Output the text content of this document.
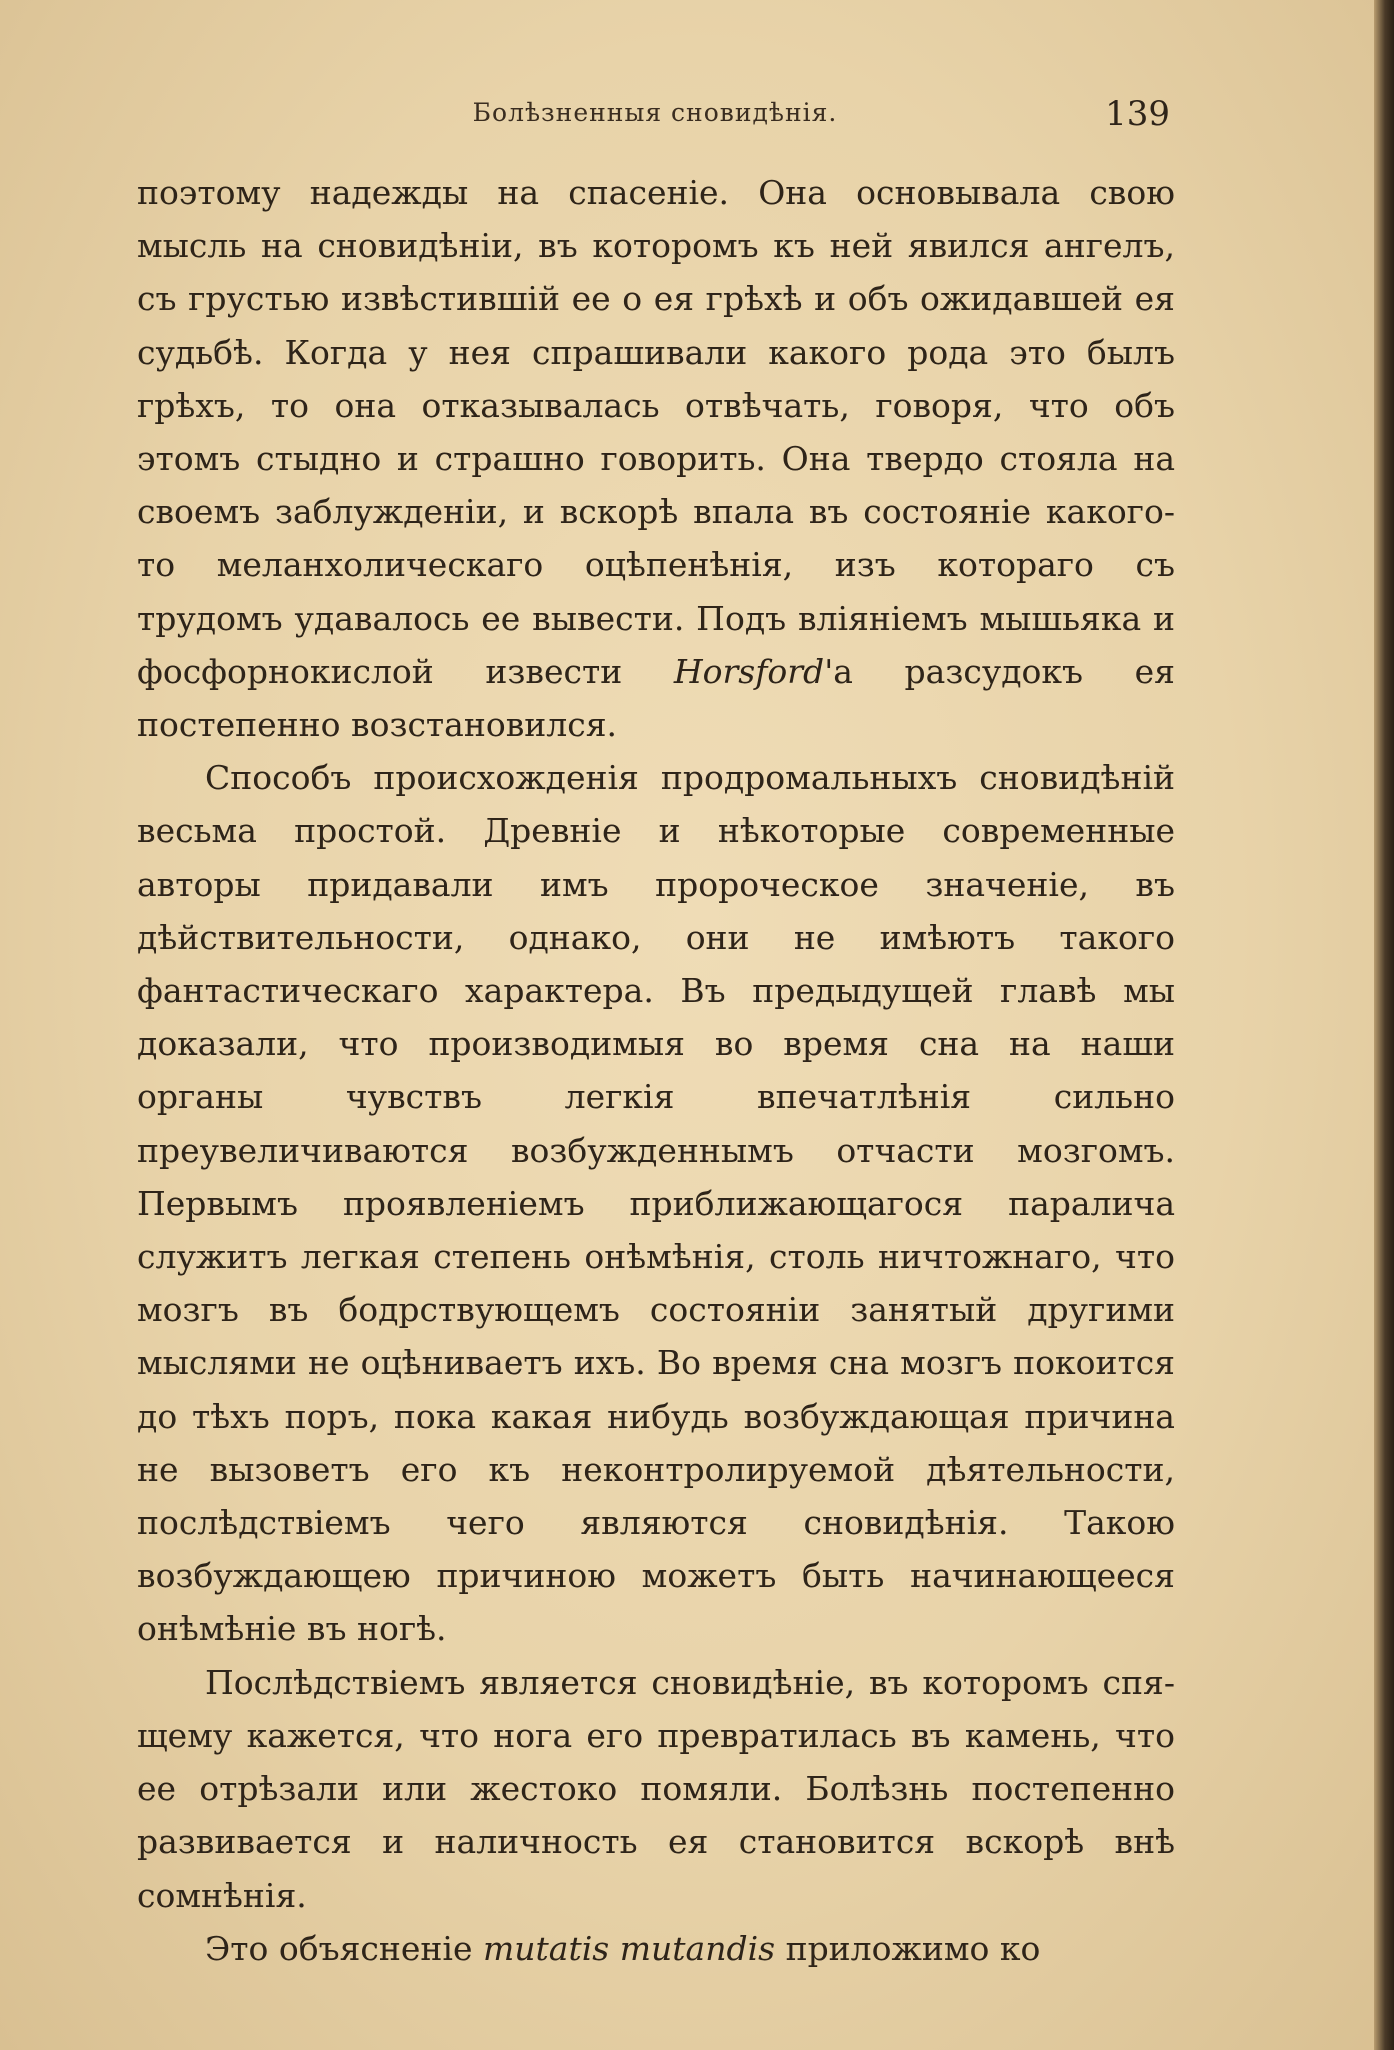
Болѣзненныя сновидѣнія.	139

поэтому надежды на спасеніе. Она основывала свою мысль на сновидѣніи, въ которомъ къ ней явился ангелъ, съ грустью извѣстившій ее о ея грѣхѣ и объ ожидавшей ея судьбѣ. Когда у нея спрашивали какого рода это былъ грѣхъ, то она отказывалась отвѣчать, говоря, что объ этомъ стыдно и страшно говорить. Она твердо стояла на своемъ заблужденіи, и вскорѣ впала въ состояніе какого-то меланхолическаго оцѣпенѣнія, изъ котораго съ трудомъ удавалось ее вывести. Подъ вліяніемъ мышьяка и фосфорнокислой извести Horsford'а разсудокъ ея постепенно возстановился.

Способъ происхожденія продромальныхъ сновидѣній весьма простой. Древніе и нѣкоторые современные авторы придавали имъ пророческое значеніе, въ дѣйствительности, однако, они не имѣютъ такого фантастическаго характера. Въ предыдущей главѣ мы доказали, что производимыя во время сна на наши органы чувствъ легкія впечатлѣнія сильно преувеличиваются возбужденнымъ отчасти мозгомъ. Первымъ проявленіемъ приближающагося паралича служитъ легкая степень онѣмѣнія, столь ничтожнаго, что мозгъ въ бодрствующемъ состояніи занятый другими мыслями не оцѣниваетъ ихъ. Во время сна мозгъ покоится до тѣхъ поръ, пока какая нибудь возбуждающая причина не вызоветъ его къ неконтролируемой дѣятельности, послѣдствіемъ чего являются сновидѣнія. Такою возбуждающею причиною можетъ быть начинающееся онѣмѣніе въ ногѣ.

Послѣдствіемъ является сновидѣніе, въ которомъ спящему кажется, что нога его превратилась въ камень, что ее отрѣзали или жестоко помяли. Болѣзнь постепенно развивается и наличность ея становится вскорѣ внѣ сомнѣнія.

Это объясненіе mutatis mutandis приложимо ко
